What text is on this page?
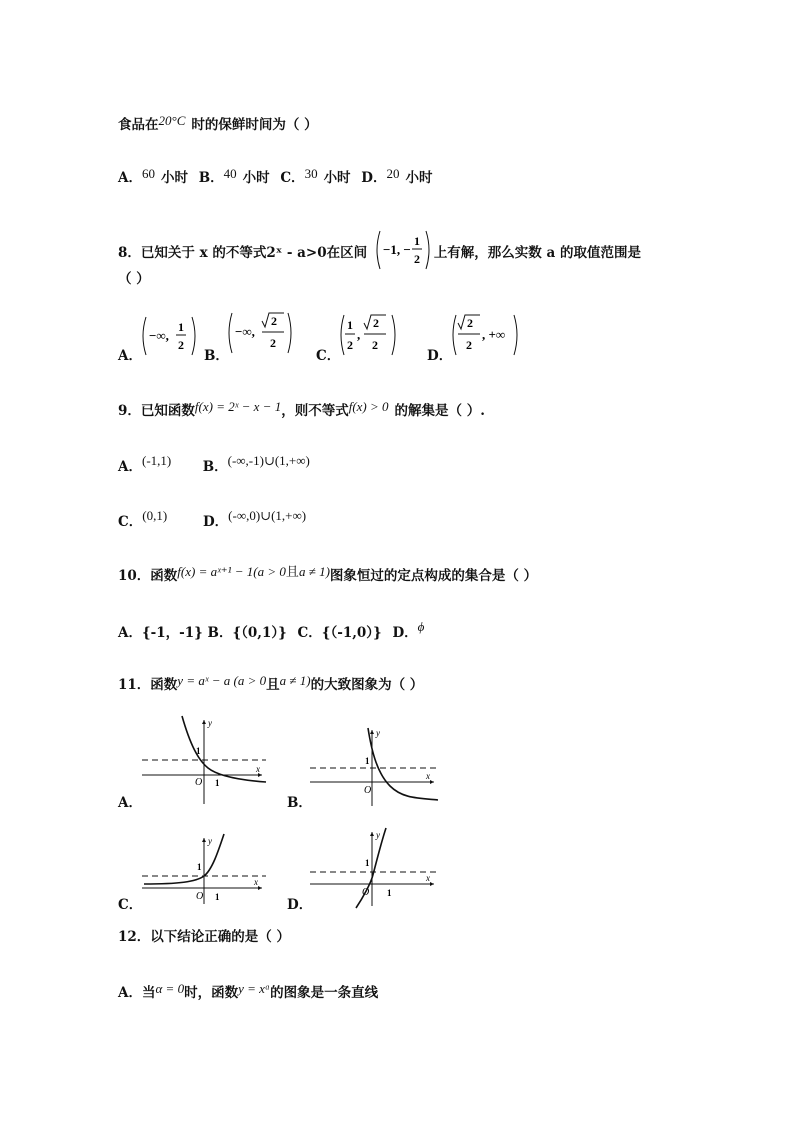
食品在20°C 时的保鲜时间为（ ）
A．60 小时 B．40 小时 C．30 小时 D．20 小时
8．已知关于 x 的不等式2ˣ - a>0在区间 −1, −
1
2 上有解，那么实数 a 的取值范围是
（ ）
A．
−∞,
1
2
B．
−∞,
2
2
C．
1
2
,
2
2
D．
2
2
, +∞
9．已知函数f(x) = 2ˣ − x − 1，则不等式f(x) > 0 的解集是（ ）.
A．(-1,1) B．(-∞,-1)∪(1,+∞)
C．(0,1)	D．(-∞,0)∪(1,+∞)
10．函数f(x) = aˣ⁺¹ − 1(a > 0且a ≠ 1)图象恒过的定点构成的集合是（ ）
A．{-1，-1} B．{（0,1）} C．{（-1,0）} D．ϕ
11．函数y = aˣ − a (a > 0且a ≠ 1)的大致图象为（ ）
A．
y
x
O
1
1
B．
y
x
O
1
C．
y
x
O
1
1	D．
y
x
O
1
1
12．以下结论正确的是（ ）
A．当α = 0时，函数y = xᵅ的图象是一条直线
